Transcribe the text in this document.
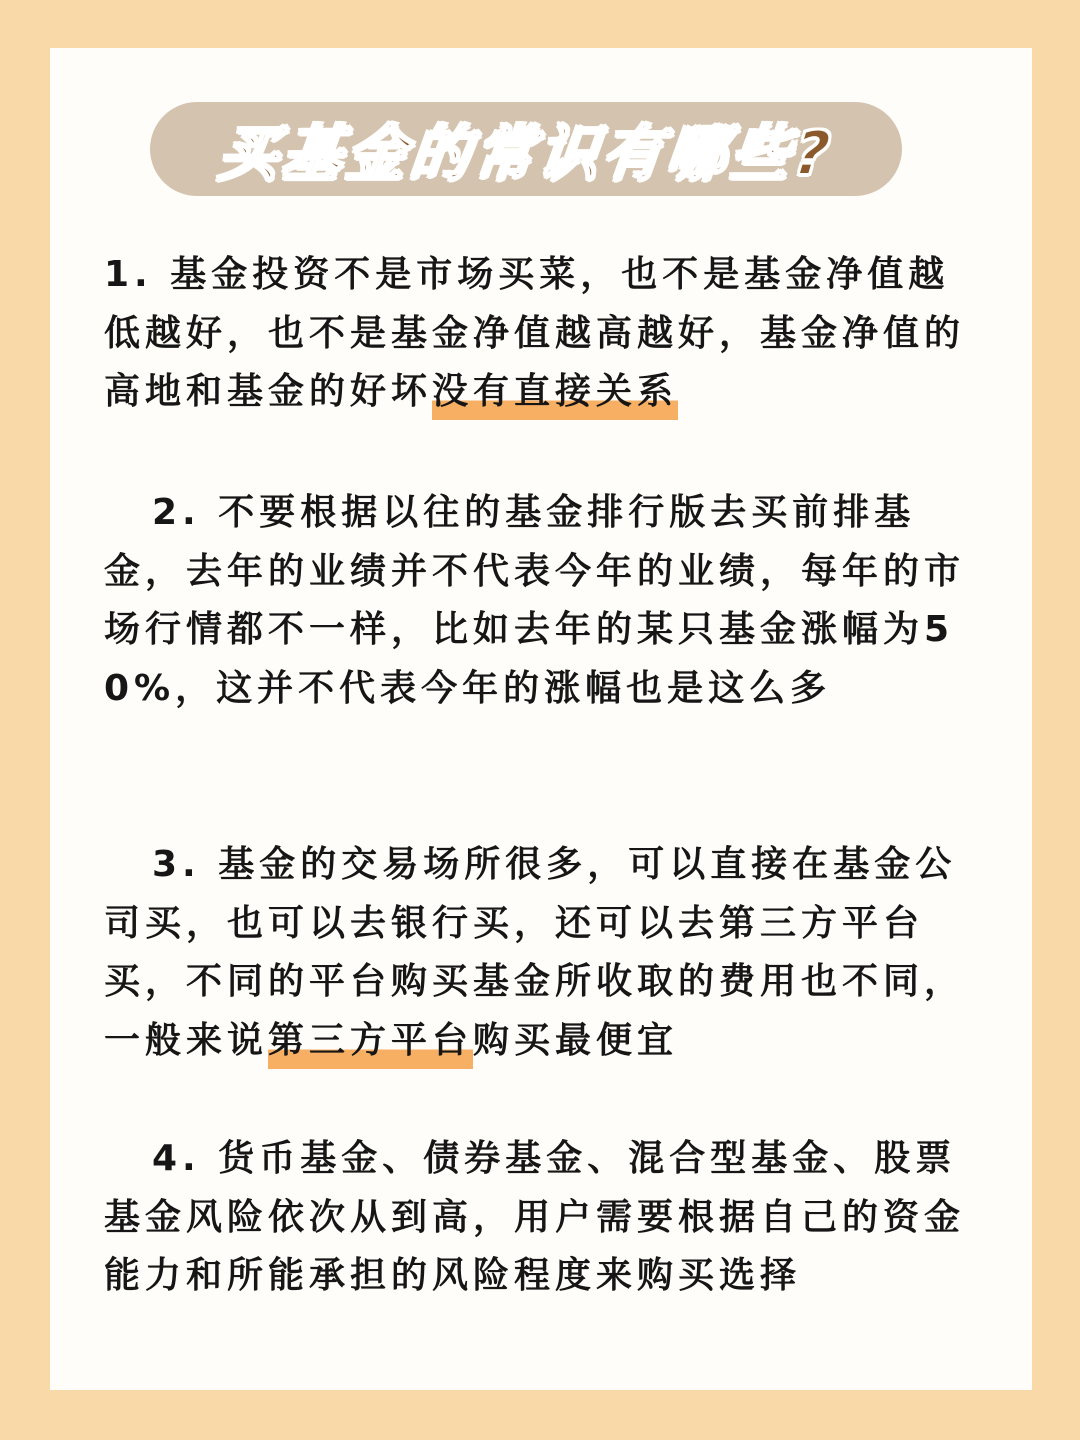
买基金的常识有哪些?

1. 基金投资不是市场买菜，也不是基金净值越低越好，也不是基金净值越高越好，基金净值的高地和基金的好坏没有直接关系

2. 不要根据以往的基金排行版去买前排基金，去年的业绩并不代表今年的业绩，每年的市场行情都不一样，比如去年的某只基金涨幅为50%，这并不代表今年的涨幅也是这么多

3. 基金的交易场所很多，可以直接在基金公司买，也可以去银行买，还可以去第三方平台买，不同的平台购买基金所收取的费用也不同，一般来说第三方平台购买最便宜

4. 货币基金、债券基金、混合型基金、股票基金风险依次从到高，用户需要根据自己的资金能力和所能承担的风险程度来购买选择
